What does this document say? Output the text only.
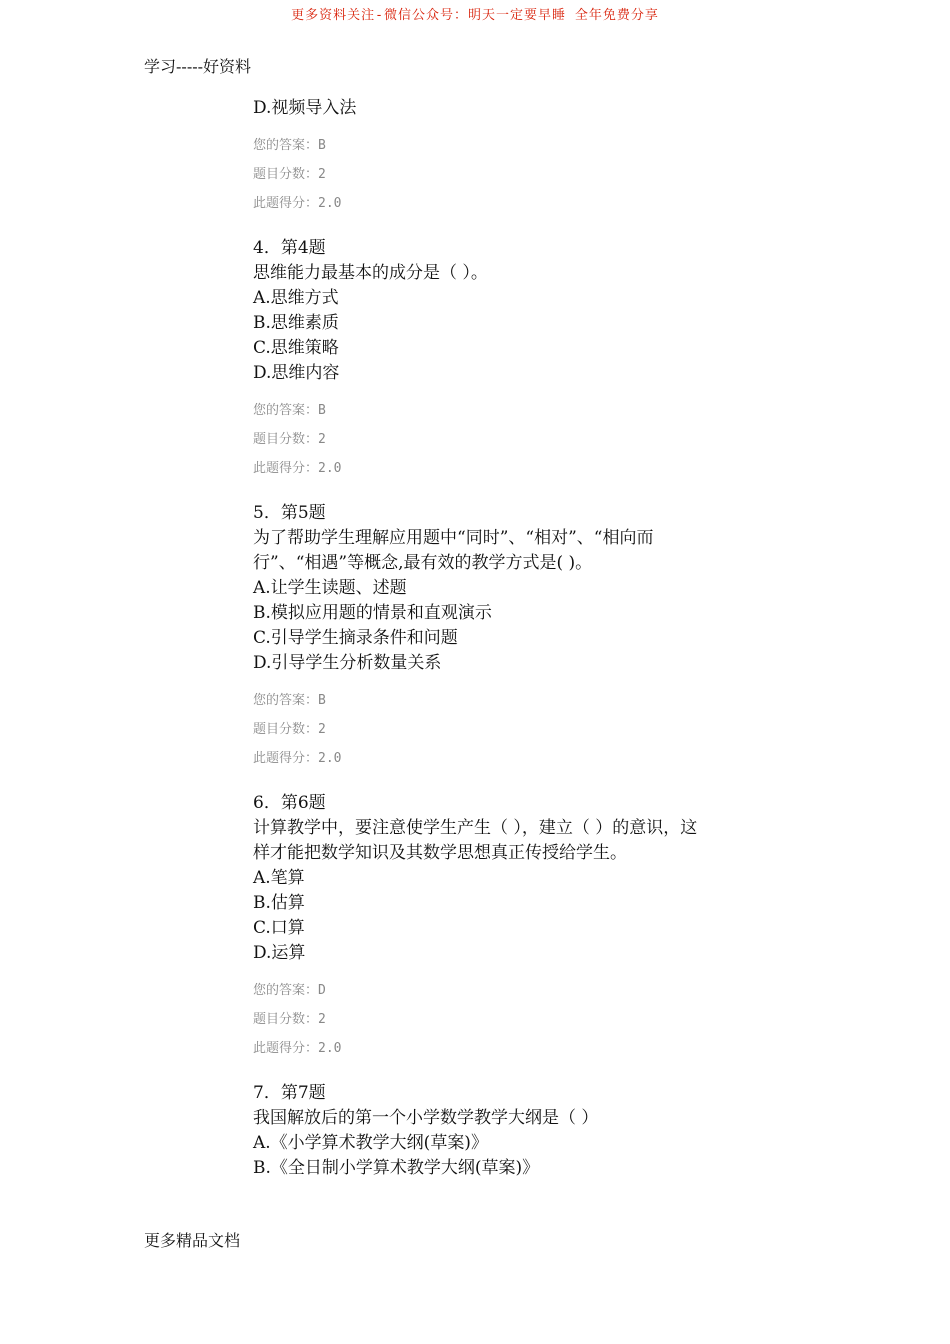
更多资料关注-微信公众号：明天一定要早睡 全年免费分享
学习-----好资料
D.视频导入法
您的答案：B
题目分数：2
此题得分：2.0
4．第4题
思维能力最基本的成分是（ ）。
A.思维方式
B.思维素质
C.思维策略
D.思维内容
您的答案：B
题目分数：2
此题得分：2.0
5．第5题
为了帮助学生理解应用题中“同时”、“相对”、“相向而行”、“相遇”等概念,最有效的教学方式是( )。
A.让学生读题、述题
B.模拟应用题的情景和直观演示
C.引导学生摘录条件和问题
D.引导学生分析数量关系
您的答案：B
题目分数：2
此题得分：2.0
6．第6题
计算教学中，要注意使学生产生（ ），建立（ ）的意识，这样才能把数学知识及其数学思想真正传授给学生。
A.笔算
B.估算
C.口算
D.运算
您的答案：D
题目分数：2
此题得分：2.0
7．第7题
我国解放后的第一个小学数学教学大纲是（ ）
A.《小学算术教学大纲(草案)》
B.《全日制小学算术教学大纲(草案)》
更多精品文档
